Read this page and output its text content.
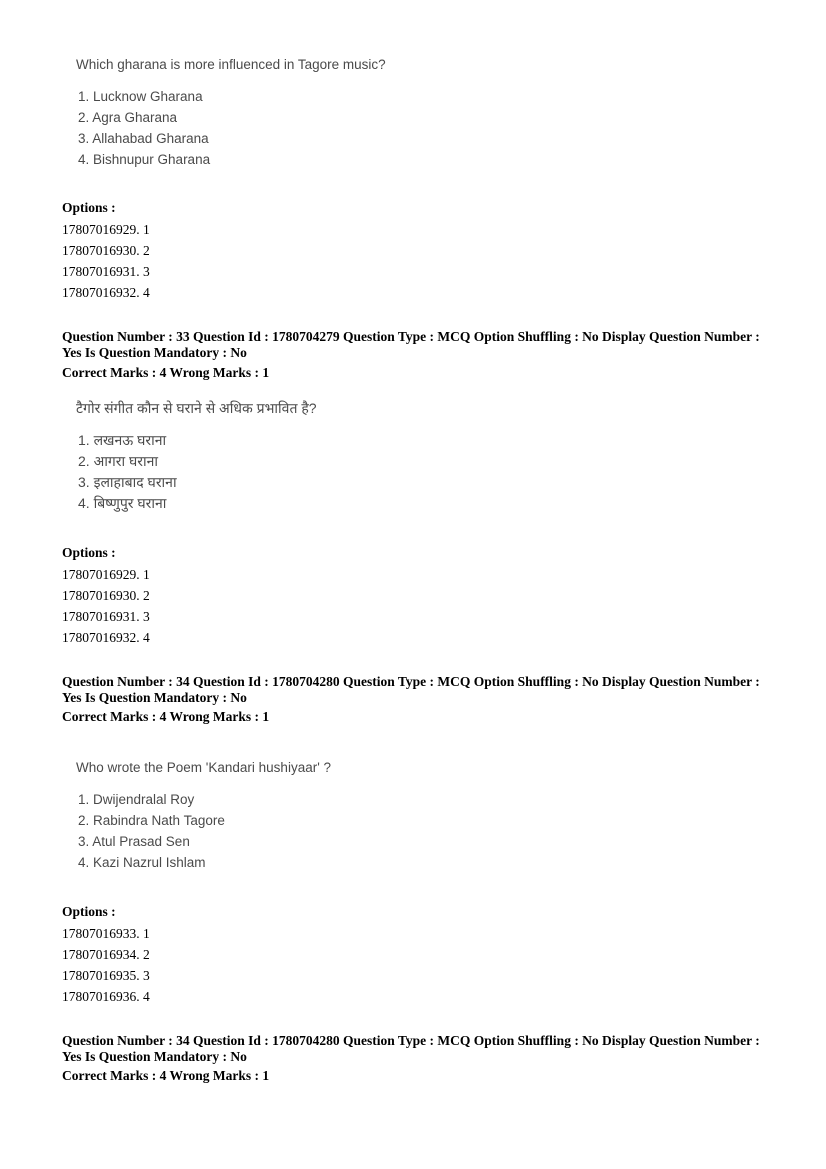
Which gharana is more influenced in Tagore music?

1. Lucknow Gharana
2. Agra Gharana
3. Allahabad Gharana
4. Bishnupur Gharana
Options :
17807016929. 1
17807016930. 2
17807016931. 3
17807016932. 4
Question Number : 33 Question Id : 1780704279 Question Type : MCQ Option Shuffling : No Display Question Number : Yes Is Question Mandatory : No
Correct Marks : 4 Wrong Marks : 1

टैगोर संगीत कौन से घराने से अधिक प्रभावित है?

1. लखनऊ घराना
2. आगरा घराना
3. इलाहाबाद घराना
4. बिष्णुपुर घराना
Options :
17807016929. 1
17807016930. 2
17807016931. 3
17807016932. 4
Question Number : 34 Question Id : 1780704280 Question Type : MCQ Option Shuffling : No Display Question Number : Yes Is Question Mandatory : No
Correct Marks : 4 Wrong Marks : 1

Who wrote the Poem 'Kandari hushiyaar' ?

1. Dwijendralal Roy
2. Rabindra Nath Tagore
3. Atul Prasad Sen
4. Kazi Nazrul Ishlam
Options :
17807016933. 1
17807016934. 2
17807016935. 3
17807016936. 4
Question Number : 34 Question Id : 1780704280 Question Type : MCQ Option Shuffling : No Display Question Number : Yes Is Question Mandatory : No
Correct Marks : 4 Wrong Marks : 1
